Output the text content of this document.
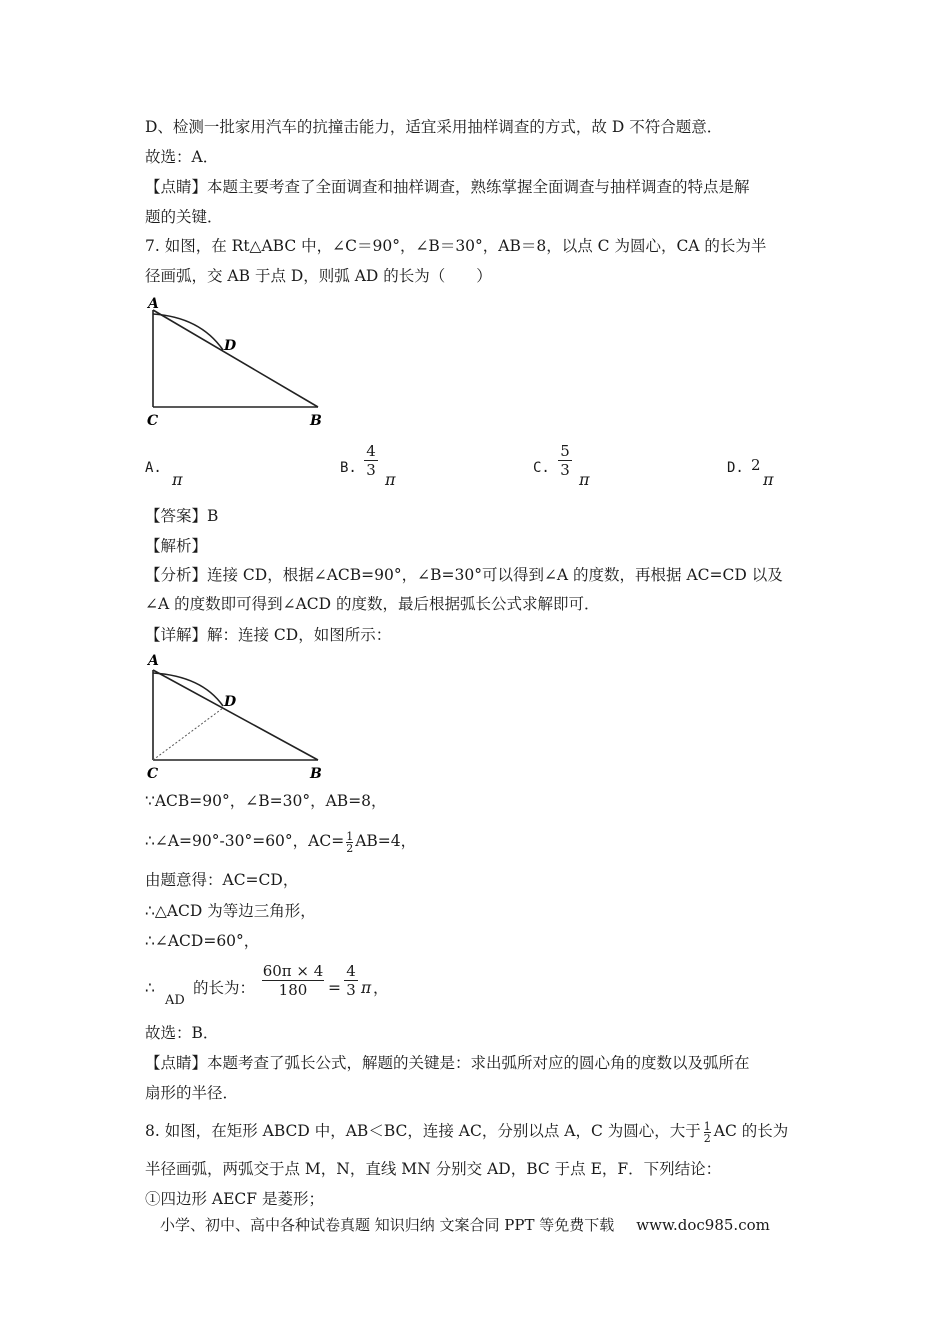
D、检测一批家用汽车的抗撞击能力，适宜采用抽样调查的方式，故 D 不符合题意．
故选：A．
【点睛】本题主要考查了全面调查和抽样调查，熟练掌握全面调查与抽样调查的特点是解
题的关键．
7. 如图，在 Rt△ABC 中，∠C＝90°，∠B＝30°，AB＝8，以点 C 为圆心，CA 的长为半
径画弧，交 AB 于点 D，则弧 AD 的长为（　　）
A
D
C	B
A.
π
B.
4
3 π
C.
5
3 π
D. 2
π
【答案】B
【解析】
【分析】连接 CD，根据∠ACB=90°，∠B=30°可以得到∠A 的度数，再根据 AC=CD 以及
∠A 的度数即可得到∠ACD 的度数，最后根据弧长公式求解即可．
【详解】解：连接 CD，如图所示：
A
D
C	B
∵ACB=90°，∠B=30°，AB=8，
∴∠A=90°-30°=60°，$AC= \frac{1}{2} AB=4$，
由题意得：AC=CD，
∴△ACD 为等边三角形，
∴∠ACD=60°，
∴
AD
的长为：
60π × 4
180	=
4
3 π ，
故选：B．
【点睛】本题考查了弧长公式，解题的关键是：求出弧所对应的圆心角的度数以及弧所在
扇形的半径．
8. 如图，在矩形 ABCD 中，AB＜BC，连接 AC，分别以点 A，C 为圆心，大于 $\frac{1}{2}$ AC 的长为
半径画弧，两弧交于点 M，N，直线 MN 分别交 AD，BC 于点 E，F．下列结论：
①四边形 AECF 是菱形；
小学、初中、高中各种试卷真题 知识归纳 文案合同 PPT 等免费下载 www.doc985.com
